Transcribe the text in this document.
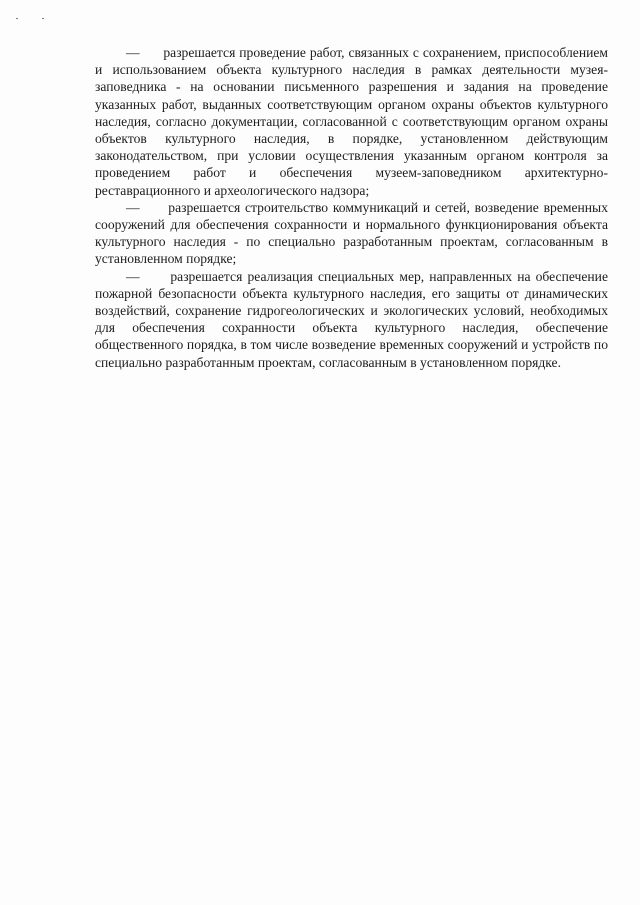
— разрешается проведение работ, связанных с сохранением, приспособлением и использованием объекта культурного наследия в рамках деятельности музея-заповедника - на основании письменного разрешения и задания на проведение указанных работ, выданных соответствующим органом охраны объектов культурного наследия, согласно документации, согласованной с соответствующим органом охраны объектов культурного наследия, в порядке, установленном действующим законодательством, при условии осуществления указанным органом контроля за проведением работ и обеспечения музеем-заповедником архитектурно-реставрационного и археологического надзора;

— разрешается строительство коммуникаций и сетей, возведение временных сооружений для обеспечения сохранности и нормального функционирования объекта культурного наследия - по специально разработанным проектам, согласованным в установленном порядке;

— разрешается реализация специальных мер, направленных на обеспечение пожарной безопасности объекта культурного наследия, его защиты от динамических воздействий, сохранение гидрогеологических и экологических условий, необходимых для обеспечения сохранности объекта культурного наследия, обеспечение общественного порядка, в том числе возведение временных сооружений и устройств по специально разработанным проектам, согласованным в установленном порядке.
